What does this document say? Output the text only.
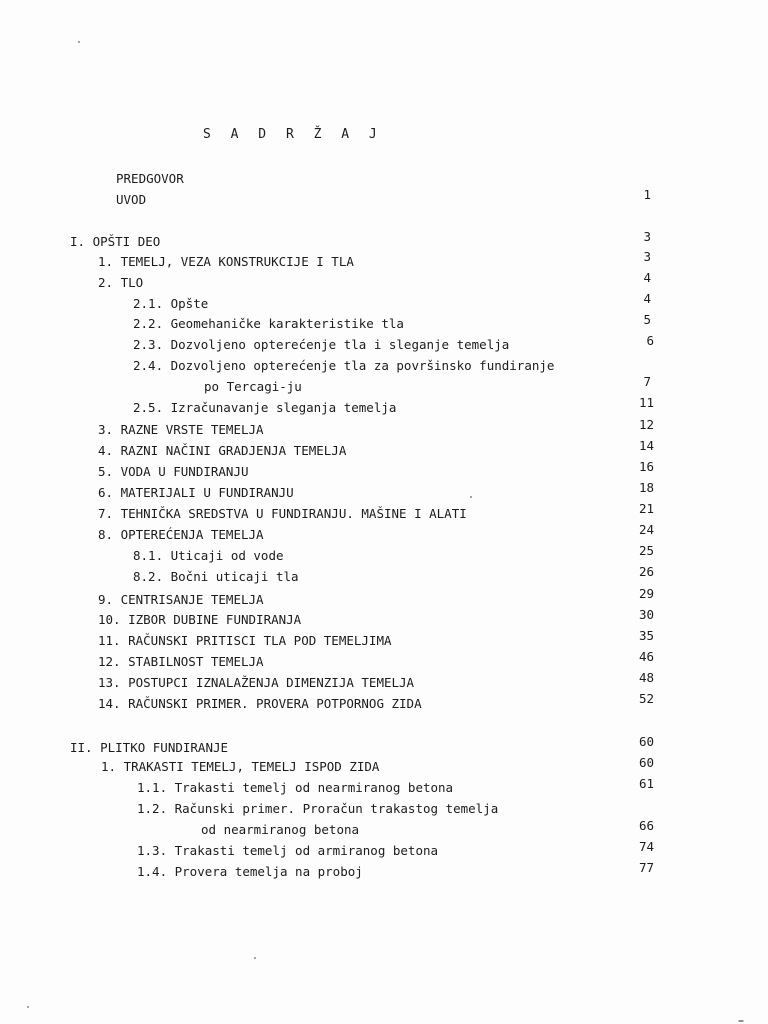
S A D R Ž A J
PREDGOVOR
UVOD	1
I. OPŠTI DEO	3
1. TEMELJ, VEZA KONSTRUKCIJE I TLA	3
2. TLO	4
2.1. Opšte	4
2.2. Geomehaničke karakteristike tla	5
2.3. Dozvoljeno opterećenje tla i sleganje temelja	6
2.4. Dozvoljeno opterećenje tla za površinsko fundiranje
po Tercagi-ju	7
2.5. Izračunavanje sleganja temelja	11
3. RAZNE VRSTE TEMELJA	12
4. RAZNI NAČINI GRADJENJA TEMELJA	14
5. VODA U FUNDIRANJU	16
6. MATERIJALI U FUNDIRANJU	18
7. TEHNIČKA SREDSTVA U FUNDIRANJU. MAŠINE I ALATI	21
8. OPTEREĆENJA TEMELJA	24
8.1. Uticaji od vode	25
8.2. Bočni uticaji tla	26
9. CENTRISANJE TEMELJA	29
10. IZBOR DUBINE FUNDIRANJA	30
11. RAČUNSKI PRITISCI TLA POD TEMELJIMA	35
12. STABILNOST TEMELJA	46
13. POSTUPCI IZNALAŽENJA DIMENZIJA TEMELJA	48
14. RAČUNSKI PRIMER. PROVERA POTPORNOG ZIDA	52
II. PLITKO FUNDIRANJE	60
1. TRAKASTI TEMELJ, TEMELJ ISPOD ZIDA	60
1.1. Trakasti temelj od nearmiranog betona	61
1.2. Računski primer. Proračun trakastog temelja
od nearmiranog betona	66
1.3. Trakasti temelj od armiranog betona	74
1.4. Provera temelja na proboj	77
